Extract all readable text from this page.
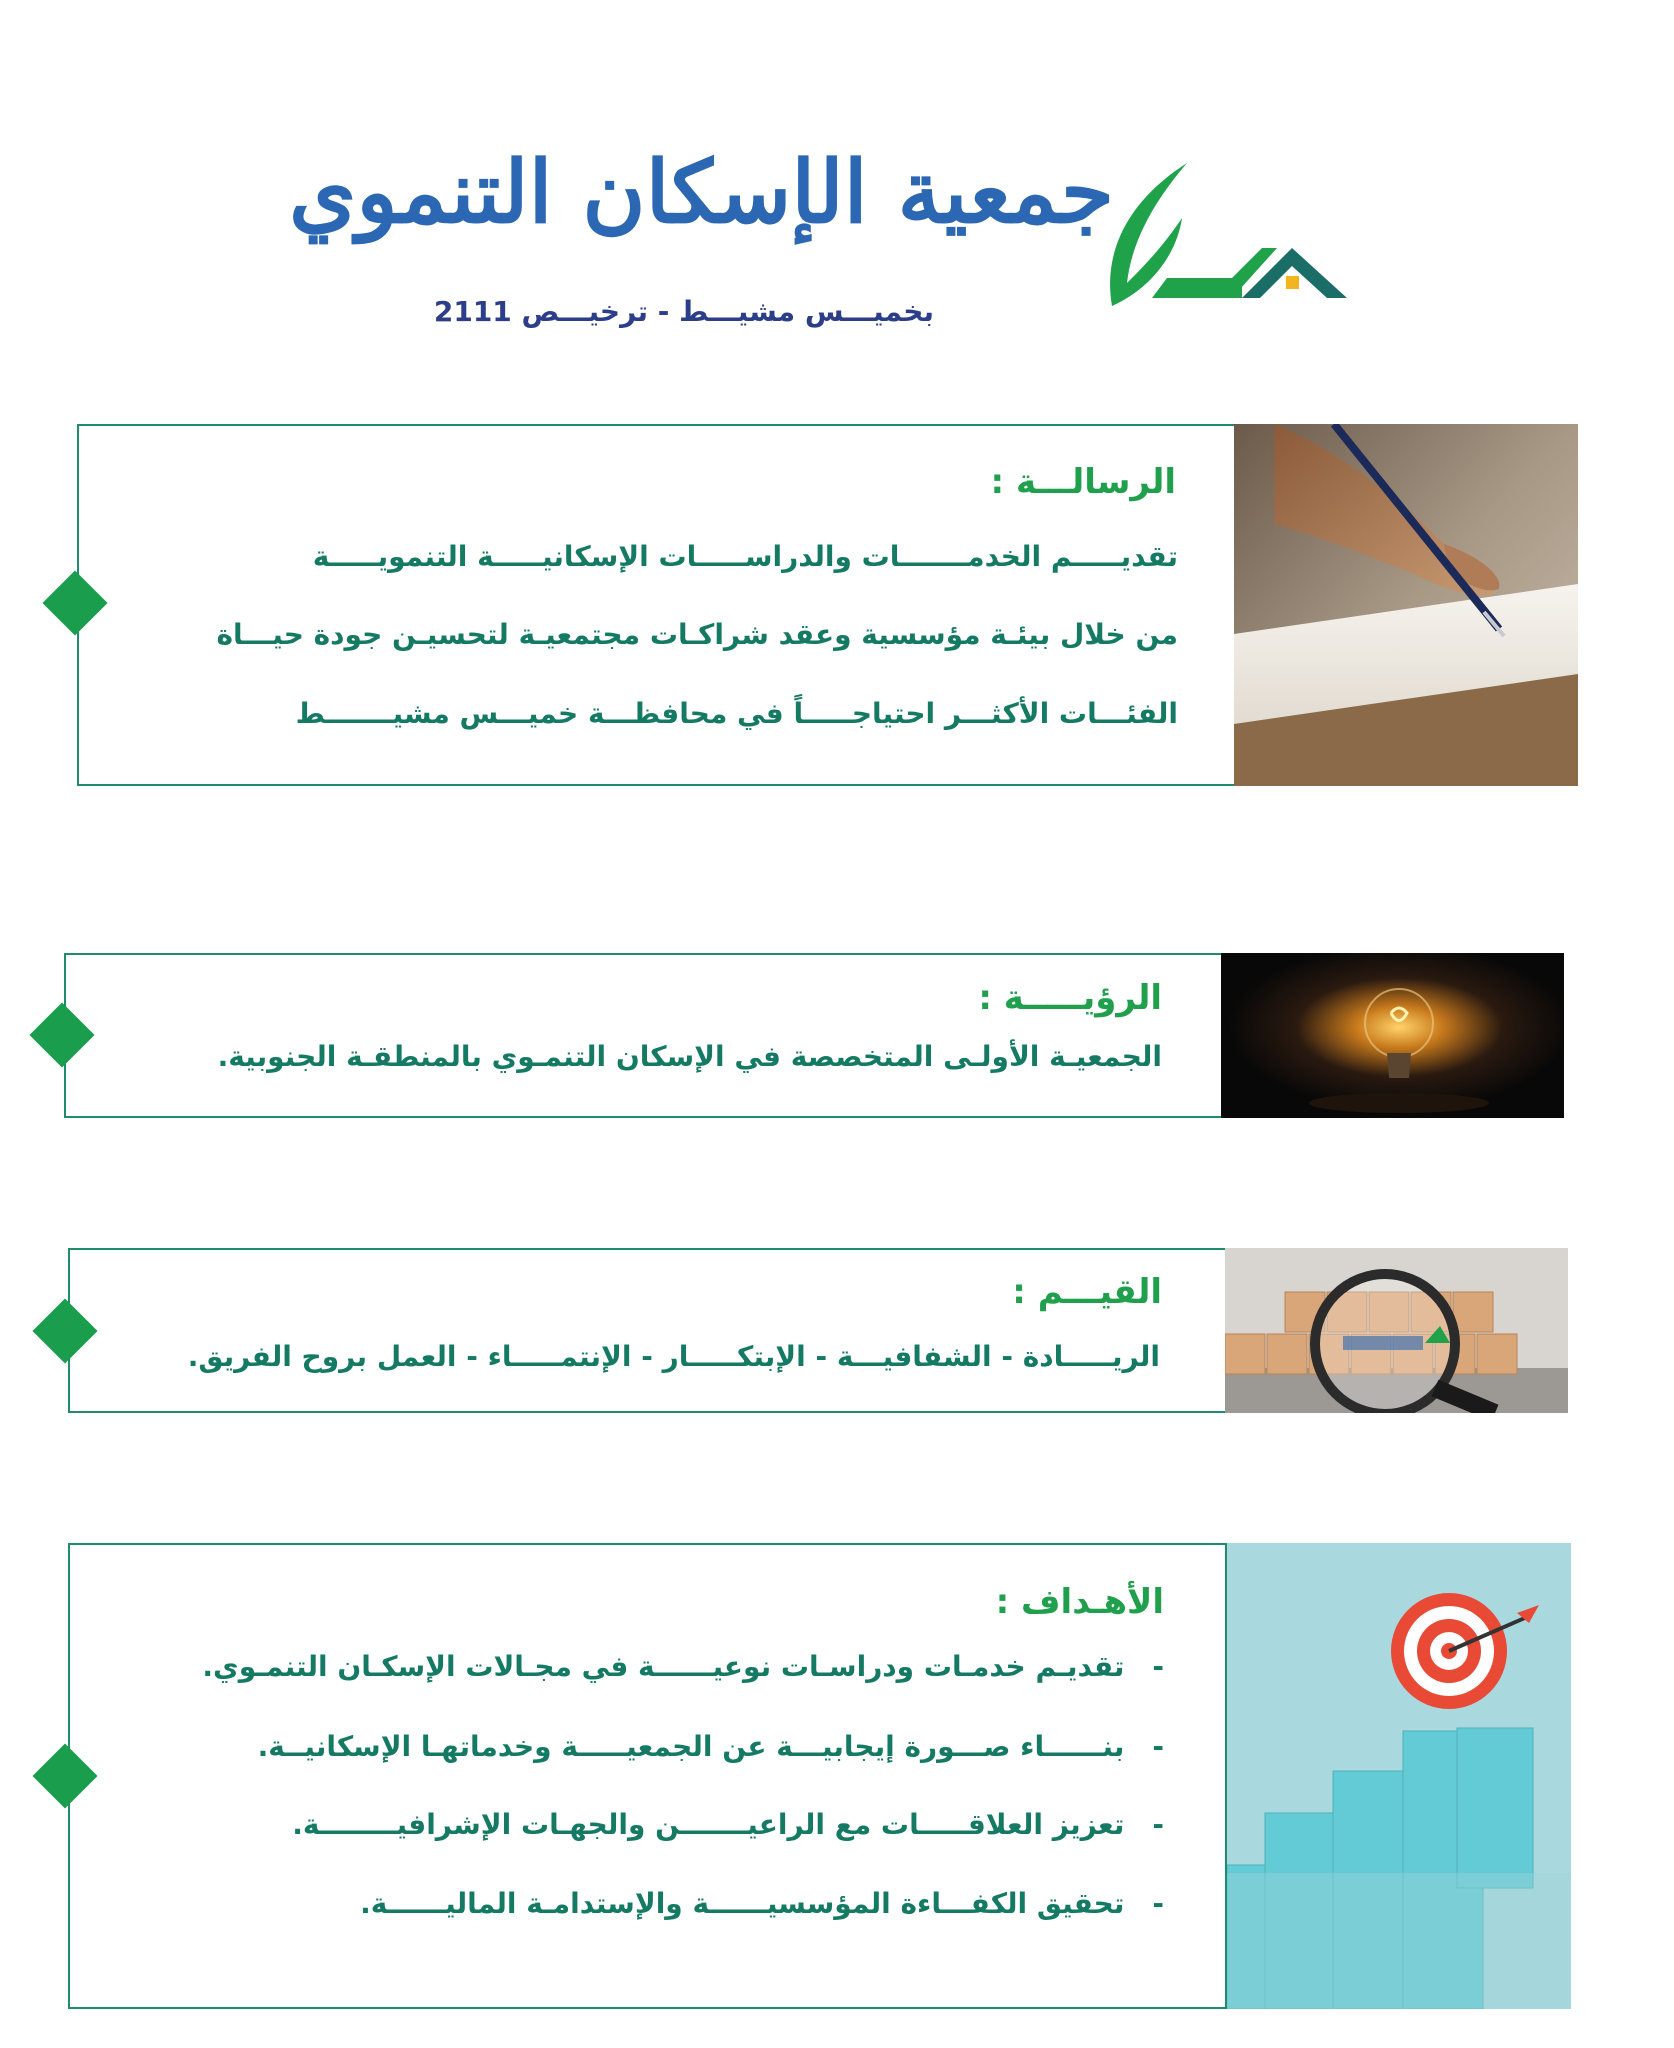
جمعية الإسكان التنموي
بخميـــس مشيـــط - ترخيـــص 2111
الرسالـــة :
تقديـــــم الخدمـــــــات والدراســـــات الإسكانيـــــة التنمويـــــة
من خلال بيئـة مؤسسية وعقد شراكـات مجتمعيـة لتحسيـن جودة حيـــاة
الفئـــات الأكثـــر احتياجـــــاً في محافظـــة خميـــس مشيـــــــط
الرؤيـــــة :
الجمعيـة الأولـى المتخصصة في الإسكان التنمـوي بالمنطقـة الجنوبية.
القيـــم :
الريـــــادة - الشفافيـــة - الإبتكـــــار - الإنتمـــــاء - العمل بروح الفريق.
الأهـداف :
-
تقديـم خدمـات ودراسـات نوعيــــــة في مجـالات الإسكـان التنمـوي.
-
بنــــــاء صـــورة إيجابيـــة عن الجمعيـــــة وخدماتهـا الإسكانيــة.
-
تعزيز العلاقـــــات مع الراعيـــــــن والجهـات الإشرافيــــــــة.
-
تحقيق الكفـــاءة المؤسسيــــــة والإستدامـة الماليــــــة.
